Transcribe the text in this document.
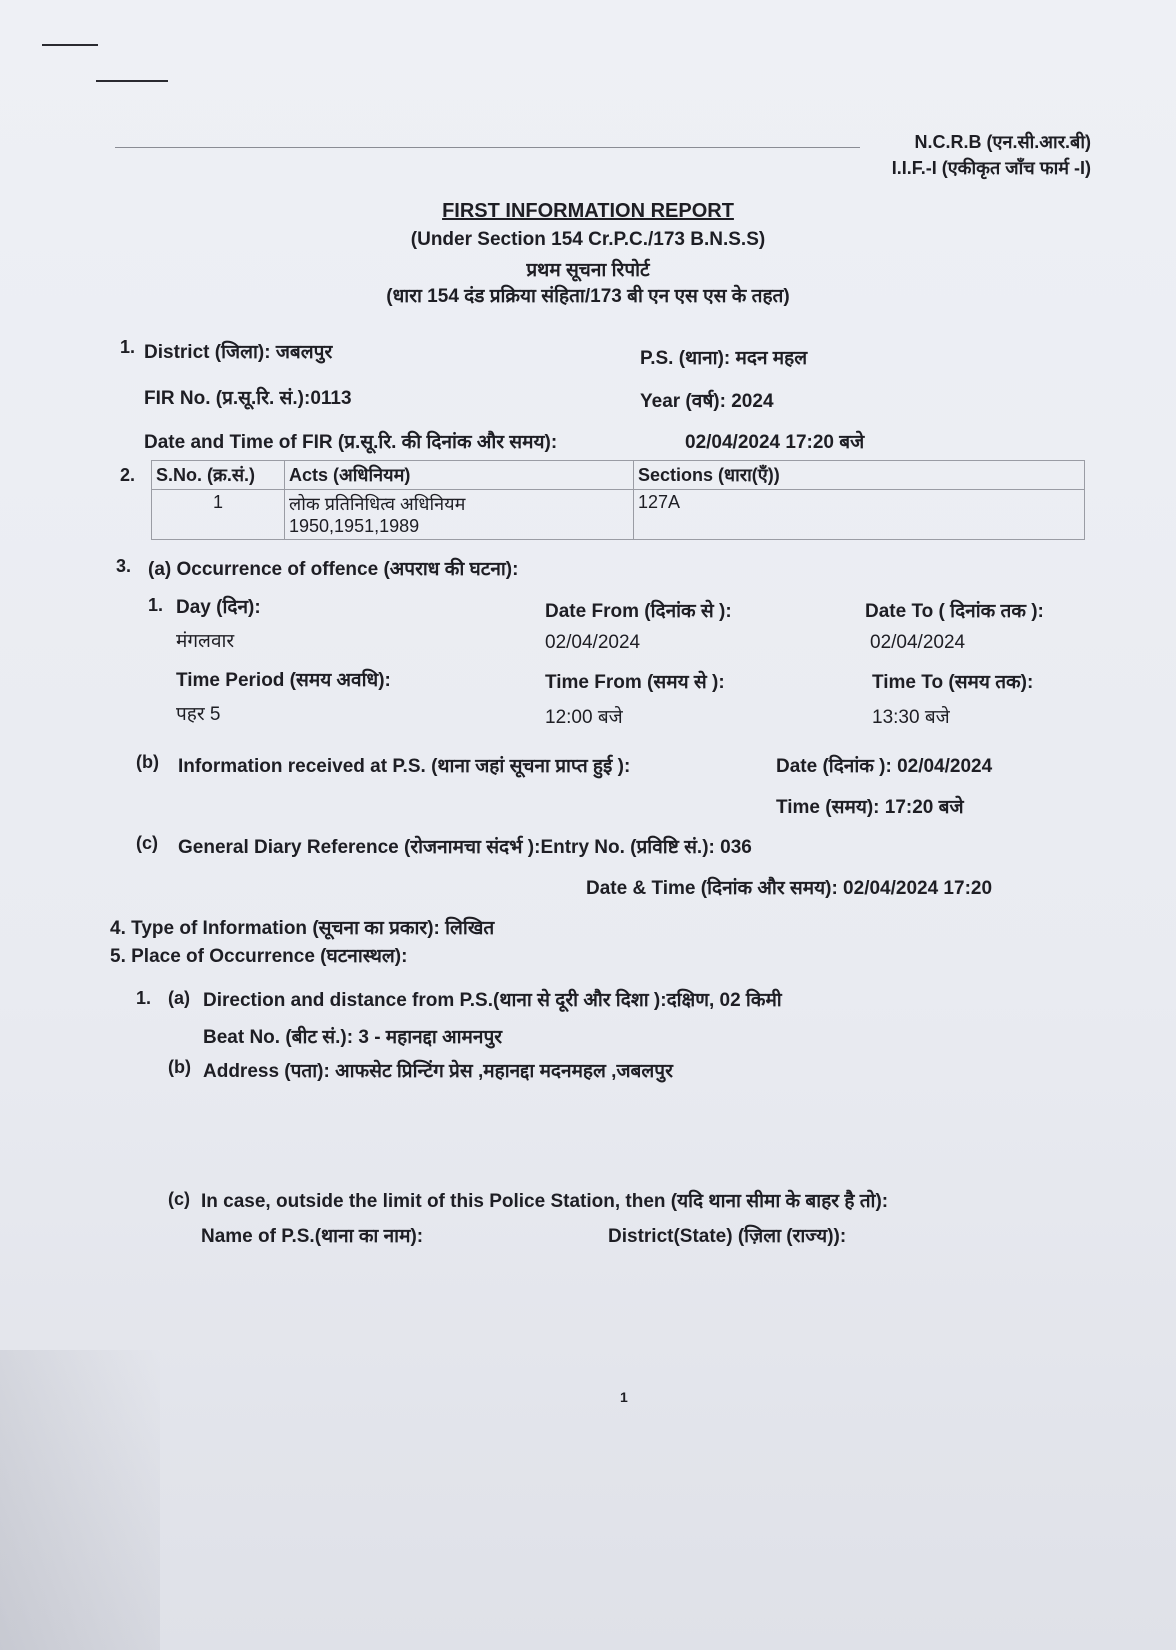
N.C.R.B (एन.सी.आर.बी)
I.I.F.-I (एकीकृत जाँच फार्म -I)
FIRST INFORMATION REPORT
(Under Section 154 Cr.P.C./173 B.N.S.S)
प्रथम सूचना रिपोर्ट
(धारा 154 दंड प्रक्रिया संहिता/173 बी एन एस एस के तहत)
1. District (जिला): जबलपुर	P.S. (थाना): मदन महल
FIR No. (प्र.सू.रि. सं.):0113	Year (वर्ष): 2024
Date and Time of FIR (प्र.सू.रि. की दिनांक और समय):	02/04/2024 17:20 बजे
2. S.No. (क्र.सं.)	Acts (अधिनियम)	Sections (धारा(एँ))
1	लोक प्रतिनिधित्व अधिनियम
1950,1951,1989	127A
3. (a) Occurrence of offence (अपराध की घटना):
1. Day (दिन):
मंगलवार
Date From (दिनांक से ):
02/04/2024
Date To ( दिनांक तक ):
02/04/2024
Time Period (समय अवधि):
पहर 5
Time From (समय से ):
12:00 बजे
Time To (समय तक):
13:30 बजे
(b) Information received at P.S. (थाना जहां सूचना प्राप्त हुई ):	Date (दिनांक ): 02/04/2024
Time (समय): 17:20 बजे
(c) General Diary Reference (रोजनामचा संदर्भ ):Entry No. (प्रविष्टि सं.): 036
Date & Time (दिनांक और समय): 02/04/2024 17:20
4. Type of Information (सूचना का प्रकार): लिखित
5. Place of Occurrence (घटनास्थल):
1. (a) Direction and distance from P.S.(थाना से दूरी और दिशा ):दक्षिण, 02 किमी
Beat No. (बीट सं.): 3 - महानद्दा आमनपुर
(b) Address (पता): आफसेट प्रिन्टिंग प्रेस ,महानद्दा मदनमहल ,जबलपुर
(c) In case, outside the limit of this Police Station, then (यदि थाना सीमा के बाहर है तो):
Name of P.S.(थाना का नाम):	District(State) (ज़िला (राज्य)):
1
